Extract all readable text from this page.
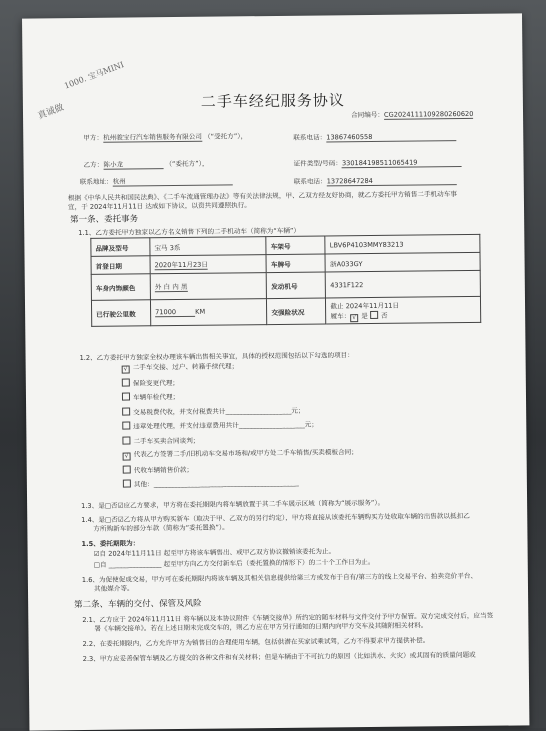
1000. 宝马MINI
真诚做
二手车经纪服务协议
合同编号：CG2024111109280260620
甲方：杭州骏宝行汽车销售服务有限公司 （“受托方”），	联系电话：13867460558
乙方：陈小龙	（“委托方”），	证件类型/号码：330184198511065419
联系地址：杭州	联系电话：13728647284
根据《中华人民共和国民法典》、《二手车流通管理办法》等有关法律法规，甲、乙双方经友好协商，就乙方委托甲方销售二手机动车事
宜，于 2024年11月11日 达成如下协议，以资共同遵照执行。
第一条、委托事务
1.1、乙方委托甲方独家以乙方名义销售下列的二手机动车（简称为“车辆”）
品牌及型号	宝马 3系	车架号	LBV6P4103MMY83213
首登日期	2020年11月23日	车牌号	浙A033GY
车身内饰颜色	外 白 内 黑	发动机号	4331F122
已行驶公里数	71000 KM	交强险状况	截止 2024年11月11日
履车： √ 是 否
1.2、乙方委托甲方独家全权办理该车辆出售相关事宜，具体的授权范围包括以下勾选的项目：
√ 二手车交接、过户、转籍手续代理；
保险变更代理；
车辆年检代理；
交易税费代收，并支付税费共计____________________元；
违章处理代理，并支付违章费用共计____________________元；
二手车买卖合同谈判；
√ 代表乙方签署二手/旧机动车交易市场和/或甲方处二手车销售/买卖模板合同；
代收车辆销售价款；
其他：____________________________________________
1.3、是□否☑应乙方要求，甲方将在委托期限内将车辆放置于其二手车展示区域（简称为“展示服务”）。
1.4、是□否☑乙方将从甲方购买新车（取决于甲、乙双方的另行约定），甲方将直接从该委托车辆购买方处收取车辆的出售款以抵扣乙
方所购新车的部分车款（简称为“委托置换”）。
1.5、委托期限为：
☑自 2024年11月11日 起至甲方将该车辆售出、或甲乙双方协议撤销该委托为止。
□自 ________________ 起至甲方向乙方交付新车后（委托置换的情形下）的二十个工作日为止。
1.6、为促使促成交易，甲方可在委托期限内将该车辆及其相关信息提供给第三方或发布于自有/第三方的线上交易平台、拍卖竞价平台、
其他媒介等。
第二条、车辆的交付、保管及风险
2.1、乙方应于 2024年11月11日 将车辆以及本协议附件《车辆交接单》所约定的随车材料与文件交付予甲方保管。双方完成交付后，应当签
署《车辆交接单》。若在上述日期未完成交车的，则乙方应在甲方另行通知的日期内向甲方交车及其随附相关材料。
2.2、在委托期限内，乙方允许甲方为销售目的合理使用车辆，包括供潜在买家试乘试驾，乙方不得要求甲方提供补偿。
2.3、甲方应妥善保管车辆及乙方提交的各种文件和有关材料；但是车辆由于不可抗力的原因（比如洪水、火灾）或其固有的质量问题或
